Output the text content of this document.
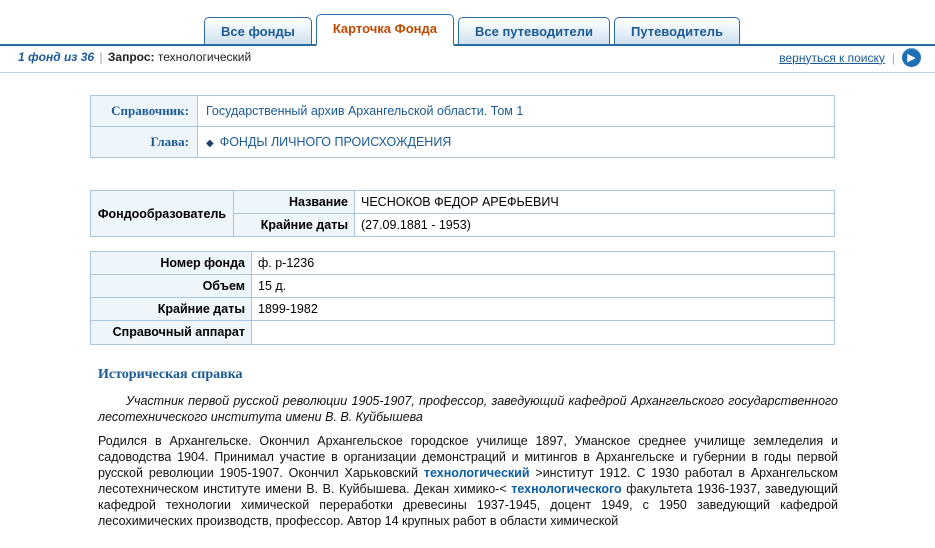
Все фонды	Карточка Фонда	Все путеводители	Путеводитель
1 фонд из 36 | Запрос: технологический	вернуться к поиску |	▶
Справочник:	Государственный архив Архангельской области. Том 1
Глава:	◆ ФОНДЫ ЛИЧНОГО ПРОИСХОЖДЕНИЯ
Фондообразователь	Название	ЧЕСНОКОВ ФЕДОР АРЕФЬЕВИЧ
	Крайние даты	(27.09.1881 - 1953)
Номер фонда	ф. р-1236
Объем	15 д.
Крайние даты	1899-1982
Справочный аппарат	
Историческая справка

Участник первой русской революции 1905-1907, профессор, заведующий кафедрой Архангельского государственного лесотехнического института имени В. В. Куйбышева

Родился в Архангельске. Окончил Архангельское городское училище 1897, Уманское среднее училище земледелия и садоводства 1904. Принимал участие в организации демонстраций и митингов в Архангельске и губернии в годы первой русской революции 1905-1907. Окончил Харьковский технологический >институт 1912. С 1930 работал в Архангельском лесотехническом институте имени В. В. Куйбышева. Декан химико-< технологического факультета 1936-1937, заведующий кафедрой технологии химической переработки древесины 1937-1945, доцент 1949, с 1950 заведующий кафедрой лесохимических производств, профессор. Автор 14 крупных работ в области химической
